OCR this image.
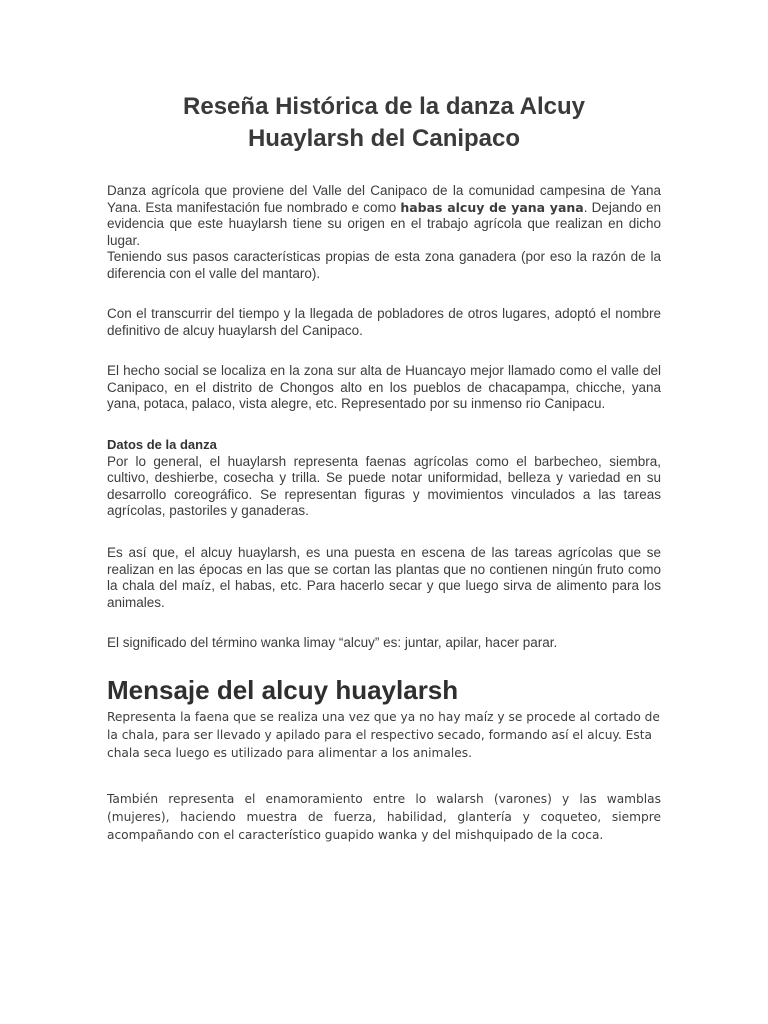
Reseña Histórica de la danza Alcuy
Huaylarsh del Canipaco

Danza agrícola que proviene del Valle del Canipaco de la comunidad campesina de Yana Yana. Esta manifestación fue nombrado e como habas alcuy de yana yana. Dejando en evidencia que este huaylarsh tiene su origen en el trabajo agrícola que realizan en dicho lugar.
Teniendo sus pasos características propias de esta zona ganadera (por eso la razón de la diferencia con el valle del mantaro).

Con el transcurrir del tiempo y la llegada de pobladores de otros lugares, adoptó el nombre definitivo de alcuy huaylarsh del Canipaco.

El hecho social se localiza en la zona sur alta de Huancayo mejor llamado como el valle del Canipaco, en el distrito de Chongos alto en los pueblos de chacapampa, chicche, yana yana, potaca, palaco, vista alegre, etc. Representado por su inmenso rio Canipacu.

Datos de la danza
Por lo general, el huaylarsh representa faenas agrícolas como el barbecheo, siembra, cultivo, deshierbe, cosecha y trilla. Se puede notar uniformidad, belleza y variedad en su desarrollo coreográfico. Se representan figuras y movimientos vinculados a las tareas agrícolas, pastoriles y ganaderas.

Es así que, el alcuy huaylarsh, es una puesta en escena de las tareas agrícolas que se realizan en las épocas en las que se cortan las plantas que no contienen ningún fruto como la chala del maíz, el habas, etc. Para hacerlo secar y que luego sirva de alimento para los animales.

El significado del término wanka limay “alcuy” es: juntar, apilar, hacer parar.

Mensaje del alcuy huaylarsh

Representa la faena que se realiza una vez que ya no hay maíz y se procede al cortado de la chala, para ser llevado y apilado para el respectivo secado, formando así el alcuy. Esta chala seca luego es utilizado para alimentar a los animales.

También representa el enamoramiento entre lo walarsh (varones) y las wamblas (mujeres), haciendo muestra de fuerza, habilidad, glantería y coqueteo, siempre acompañando con el característico guapido wanka y del mishquipado de la coca.
